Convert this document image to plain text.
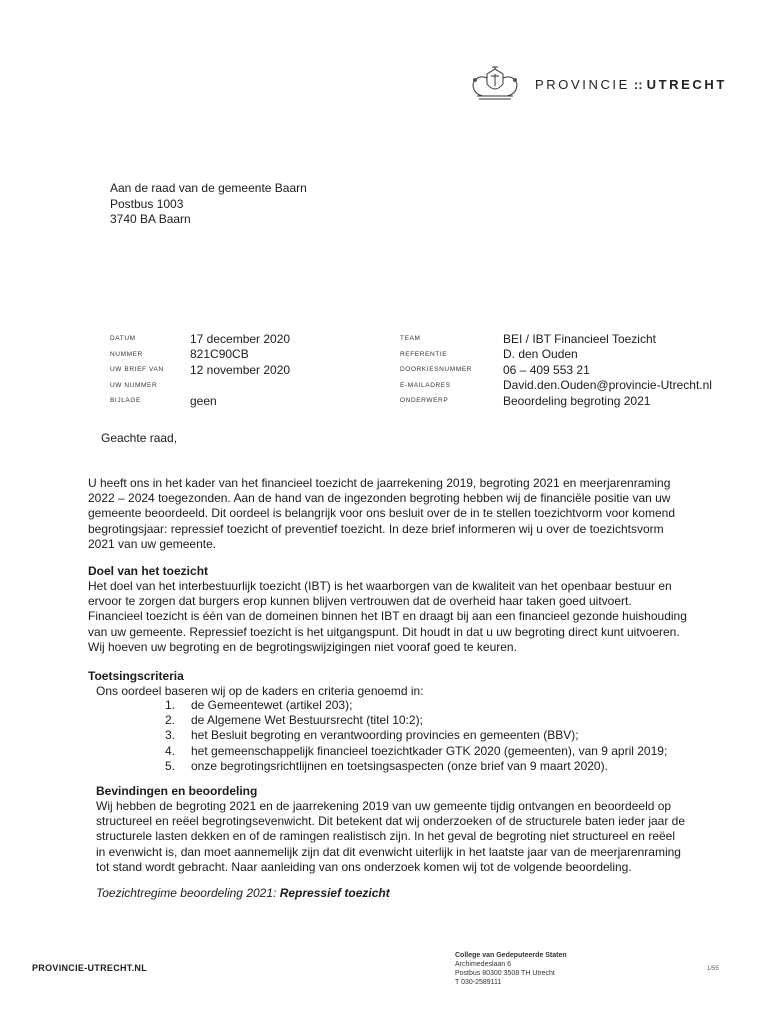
PROVINCIE :: UTRECHT
Aan de raad van de gemeente Baarn
Postbus 1003
3740 BA Baarn
DATUM	17 december 2020
NUMMER	821C90CB
UW BRIEF VAN	12 november 2020
UW NUMMER
BIJLAGE	geen
TEAM	BEI / IBT Financieel Toezicht
REFERENTIE	D. den Ouden
DOORKIESNUMMER	06 – 409 553 21
E-MAILADRES	David.den.Ouden@provincie-Utrecht.nl
ONDERWERP	Beoordeling begroting 2021
Geachte raad,
U heeft ons in het kader van het financieel toezicht de jaarrekening 2019, begroting 2021 en meerjarenraming 2022 – 2024 toegezonden. Aan de hand van de ingezonden begroting hebben wij de financiële positie van uw gemeente beoordeeld. Dit oordeel is belangrijk voor ons besluit over de in te stellen toezichtvorm voor komend begrotingsjaar: repressief toezicht of preventief toezicht. In deze brief informeren wij u over de toezichtsvorm 2021 van uw gemeente.
Doel van het toezicht
Het doel van het interbestuurlijk toezicht (IBT) is het waarborgen van de kwaliteit van het openbaar bestuur en ervoor te zorgen dat burgers erop kunnen blijven vertrouwen dat de overheid haar taken goed uitvoert. Financieel toezicht is één van de domeinen binnen het IBT en draagt bij aan een financieel gezonde huishouding van uw gemeente. Repressief toezicht is het uitgangspunt. Dit houdt in dat u uw begroting direct kunt uitvoeren. Wij hoeven uw begroting en de begrotingswijzigingen niet vooraf goed te keuren.
Toetsingscriteria
Ons oordeel baseren wij op de kaders en criteria genoemd in:
1.	de Gemeentewet (artikel 203);
2.	de Algemene Wet Bestuursrecht (titel 10:2);
3.	het Besluit begroting en verantwoording provincies en gemeenten (BBV);
4.	het gemeenschappelijk financieel toezichtkader GTK 2020 (gemeenten), van 9 april 2019;
5.	onze begrotingsrichtlijnen en toetsingsaspecten (onze brief van 9 maart 2020).
Bevindingen en beoordeling
Wij hebben de begroting 2021 en de jaarrekening 2019 van uw gemeente tijdig ontvangen en beoordeeld op structureel en reëel begrotingsevenwicht. Dit betekent dat wij onderzoeken of de structurele baten ieder jaar de structurele lasten dekken en of de ramingen realistisch zijn. In het geval de begroting niet structureel en reëel in evenwicht is, dan moet aannemelijk zijn dat dit evenwicht uiterlijk in het laatste jaar van de meerjarenraming tot stand wordt gebracht. Naar aanleiding van ons onderzoek komen wij tot de volgende beoordeling.
Toezichtregime beoordeling 2021: Repressief toezicht
PROVINCIE-UTRECHT.NL
College van Gedeputeerde Staten
Archimedeslaan 6
Postbus 80300 3508 TH Utrecht
T 030-2589111
1/55
